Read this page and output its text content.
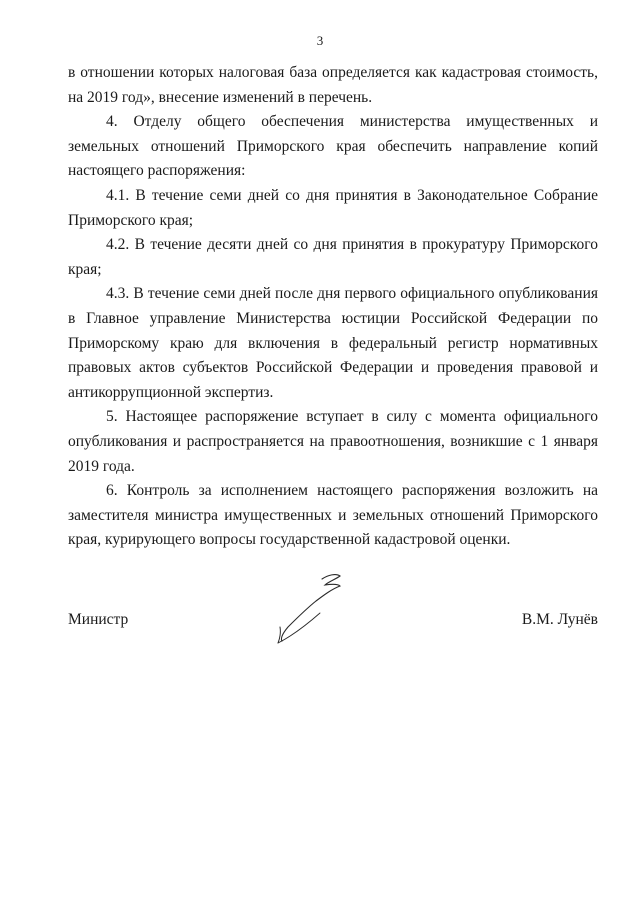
3

в отношении которых налоговая база определяется как кадастровая стоимость, на 2019 год», внесение изменений в перечень.

4. Отделу общего обеспечения министерства имущественных и земельных отношений Приморского края обеспечить направление копий настоящего распоряжения:

4.1. В течение семи дней со дня принятия в Законодательное Собрание Приморского края;

4.2. В течение десяти дней со дня принятия в прокуратуру Приморского края;

4.3. В течение семи дней после дня первого официального опубликования в Главное управление Министерства юстиции Российской Федерации по Приморскому краю для включения в федеральный регистр нормативных правовых актов субъектов Российской Федерации и проведения правовой и антикоррупционной экспертиз.

5. Настоящее распоряжение вступает в силу с момента официального опубликования и распространяется на правоотношения, возникшие с 1 января 2019 года.

6. Контроль за исполнением настоящего распоряжения возложить на заместителя министра имущественных и земельных отношений Приморского края, курирующего вопросы государственной кадастровой оценки.

Министр	В.М. Лунёв
